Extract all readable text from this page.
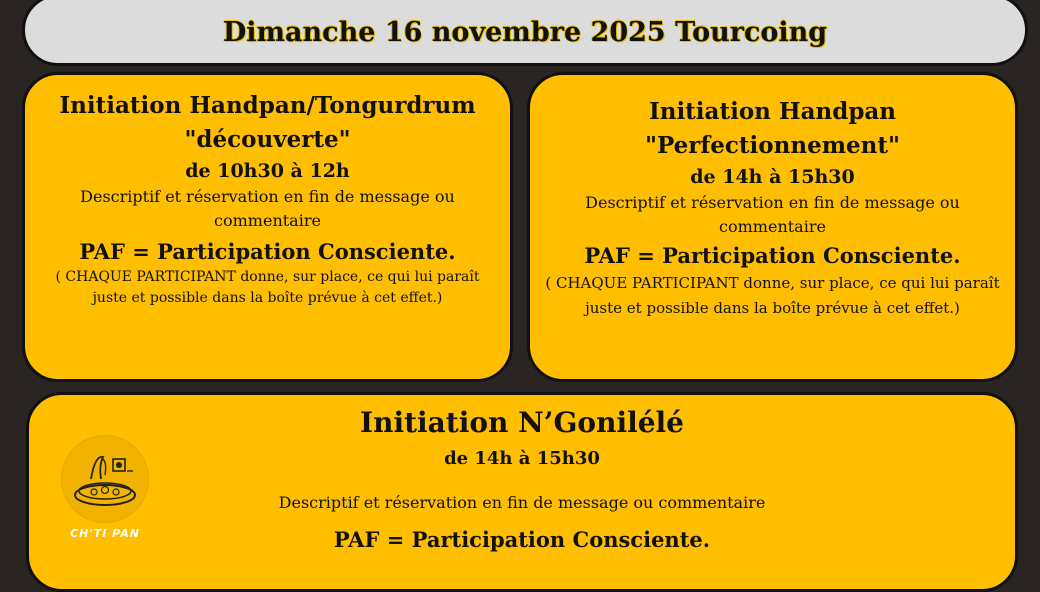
Dimanche 16 novembre 2025 Tourcoing

Initiation Handpan/Tongurdrum

"découverte"

de 10h30 à 12h

Descriptif et réservation en fin de message ou commentaire

PAF = Participation Consciente.

( CHAQUE PARTICIPANT donne, sur place, ce qui lui paraît juste et possible dans la boîte prévue à cet effet.)

Initiation Handpan

"Perfectionnement"

de 14h à 15h30

Descriptif et réservation en fin de message ou commentaire

PAF = Participation Consciente.

( CHAQUE PARTICIPANT donne, sur place, ce qui lui paraît juste et possible dans la boîte prévue à cet effet.)

CH'TI PAN

Initiation N’Gonilélé

de 14h à 15h30

Descriptif et réservation en fin de message ou commentaire

PAF = Participation Consciente.
